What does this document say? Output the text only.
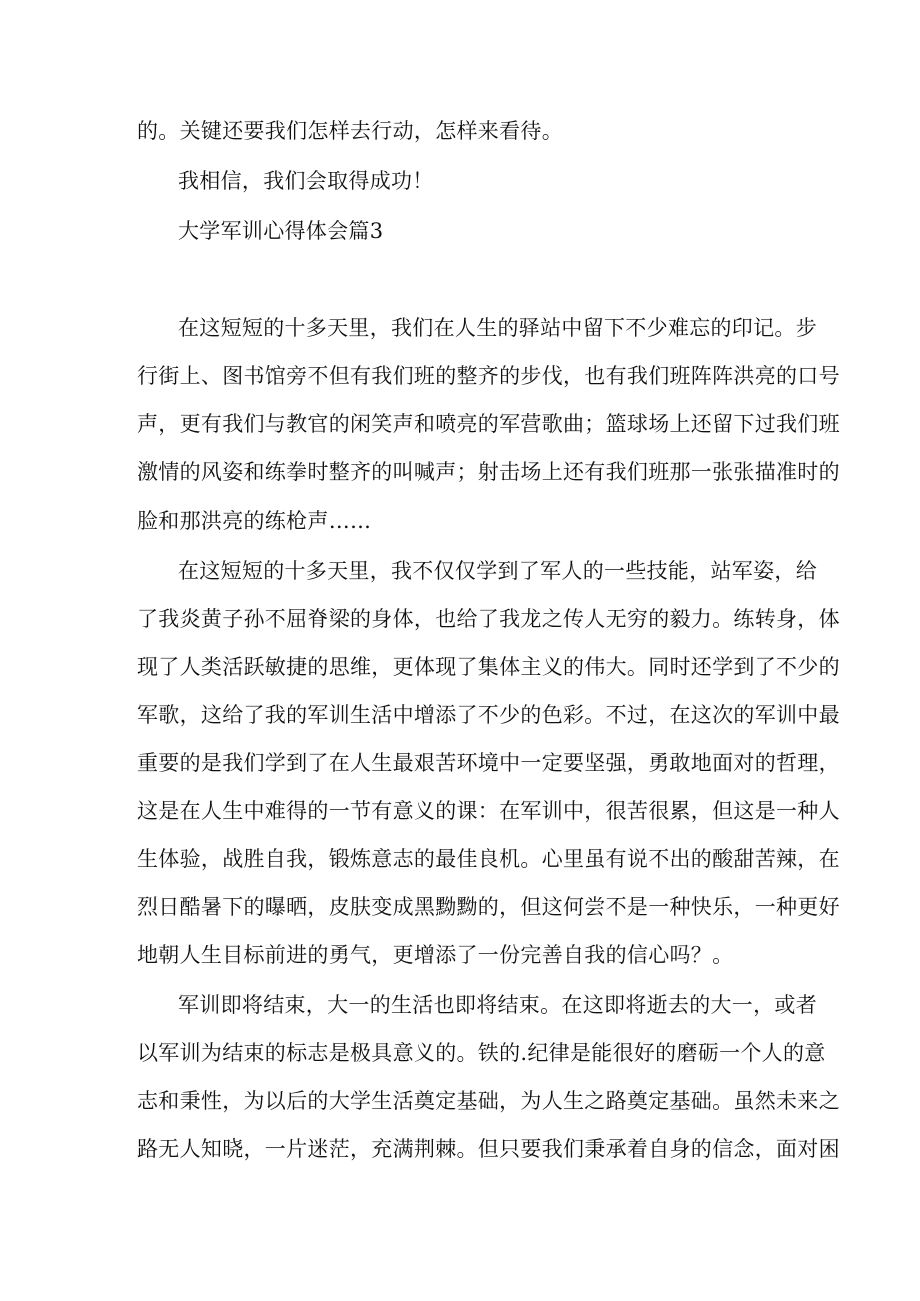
的。关键还要我们怎样去行动，怎样来看待。
我相信，我们会取得成功！
大学军训心得体会篇3
在这短短的十多天里，我们在人生的驿站中留下不少难忘的印记。步
行街上、图书馆旁不但有我们班的整齐的步伐，也有我们班阵阵洪亮的口号
声，更有我们与教官的闲笑声和喷亮的军营歌曲；篮球场上还留下过我们班
激情的风姿和练拳时整齐的叫喊声；射击场上还有我们班那一张张描准时的
脸和那洪亮的练枪声……
在这短短的十多天里，我不仅仅学到了军人的一些技能，站军姿，给
了我炎黄子孙不屈脊梁的身体，也给了我龙之传人无穷的毅力。练转身，体
现了人类活跃敏捷的思维，更体现了集体主义的伟大。同时还学到了不少的
军歌，这给了我的军训生活中增添了不少的色彩。不过，在这次的军训中最
重要的是我们学到了在人生最艰苦环境中一定要坚强，勇敢地面对的哲理，
这是在人生中难得的一节有意义的课：在军训中，很苦很累，但这是一种人
生体验，战胜自我，锻炼意志的最佳良机。心里虽有说不出的酸甜苦辣，在
烈日酷暑下的曝晒，皮肤变成黑黝黝的，但这何尝不是一种快乐，一种更好
地朝人生目标前进的勇气，更增添了一份完善自我的信心吗？。
军训即将结束，大一的生活也即将结束。在这即将逝去的大一，或者
以军训为结束的标志是极具意义的。铁的.纪律是能很好的磨砺一个人的意
志和秉性，为以后的大学生活奠定基础，为人生之路奠定基础。虽然未来之
路无人知晓，一片迷茫，充满荆棘。但只要我们秉承着自身的信念，面对困
